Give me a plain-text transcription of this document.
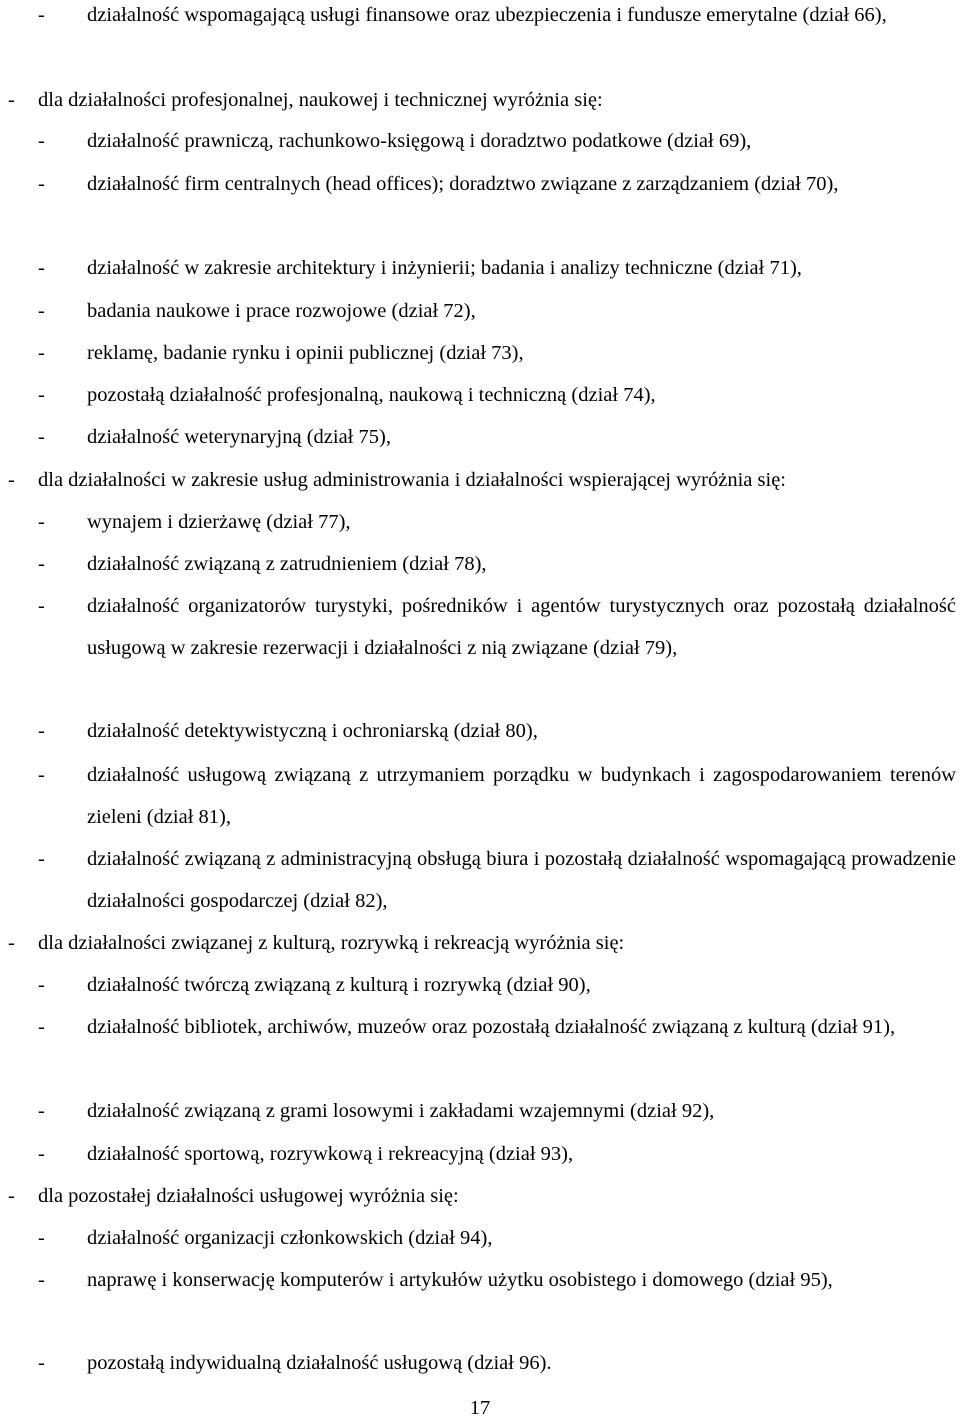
- działalność wspomagającą usługi finansowe oraz ubezpieczenia i fundusze emerytalne (dział 66),
- dla działalności profesjonalnej, naukowej i technicznej wyróżnia się:
- działalność prawniczą, rachunkowo-księgową i doradztwo podatkowe (dział 69),
- działalność firm centralnych (head offices); doradztwo związane z zarządzaniem (dział 70),
- działalność w zakresie architektury i inżynierii; badania i analizy techniczne (dział 71),
- badania naukowe i prace rozwojowe (dział 72),
- reklamę, badanie rynku i opinii publicznej (dział 73),
- pozostałą działalność profesjonalną, naukową i techniczną (dział 74),
- działalność weterynaryjną (dział 75),
- dla działalności w zakresie usług administrowania i działalności wspierającej wyróżnia się:
- wynajem i dzierżawę (dział 77),
- działalność związaną z zatrudnieniem (dział 78),
- działalność organizatorów turystyki, pośredników i agentów turystycznych oraz pozostałą działalność usługową w zakresie rezerwacji i działalności z nią związane (dział 79),
- działalność detektywistyczną i ochroniarską (dział 80),
- działalność usługową związaną z utrzymaniem porządku w budynkach i zagospodarowaniem terenów zieleni (dział 81),
- działalność związaną z administracyjną obsługą biura i pozostałą działalność wspomagającą prowadzenie działalności gospodarczej (dział 82),
- dla działalności związanej z kulturą, rozrywką i rekreacją wyróżnia się:
- działalność twórczą związaną z kulturą i rozrywką (dział 90),
- działalność bibliotek, archiwów, muzeów oraz pozostałą działalność związaną z kulturą (dział 91),
- działalność związaną z grami losowymi i zakładami wzajemnymi (dział 92),
- działalność sportową, rozrywkową i rekreacyjną (dział 93),
- dla pozostałej działalności usługowej wyróżnia się:
- działalność organizacji członkowskich (dział 94),
- naprawę i konserwację komputerów i artykułów użytku osobistego i domowego (dział 95),
- pozostałą indywidualną działalność usługową (dział 96).
17
